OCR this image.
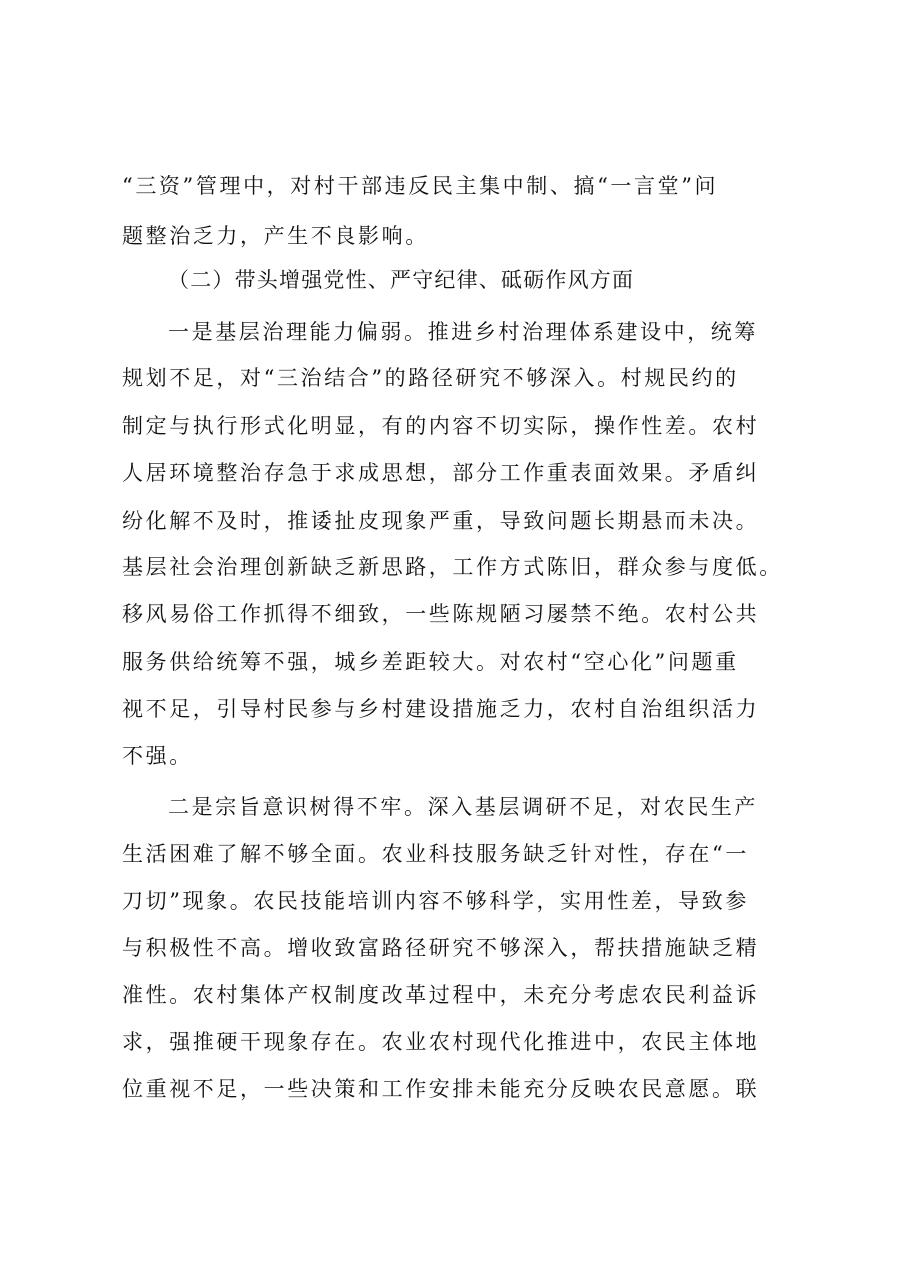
“三资”管理中，对村干部违反民主集中制、搞“一言堂”问
题整治乏力，产生不良影响。
（二）带头增强党性、严守纪律、砥砺作风方面
一是基层治理能力偏弱。推进乡村治理体系建设中，统筹
规划不足，对“三治结合”的路径研究不够深入。村规民约的
制定与执行形式化明显，有的内容不切实际，操作性差。农村
人居环境整治存急于求成思想，部分工作重表面效果。矛盾纠
纷化解不及时，推诿扯皮现象严重，导致问题长期悬而未决。
基层社会治理创新缺乏新思路，工作方式陈旧，群众参与度低。
移风易俗工作抓得不细致，一些陈规陋习屡禁不绝。农村公共
服务供给统筹不强，城乡差距较大。对农村“空心化”问题重
视不足，引导村民参与乡村建设措施乏力，农村自治组织活力
不强。
二是宗旨意识树得不牢。深入基层调研不足，对农民生产
生活困难了解不够全面。农业科技服务缺乏针对性，存在“一
刀切”现象。农民技能培训内容不够科学，实用性差，导致参
与积极性不高。增收致富路径研究不够深入，帮扶措施缺乏精
准性。农村集体产权制度改革过程中，未充分考虑农民利益诉
求，强推硬干现象存在。农业农村现代化推进中，农民主体地
位重视不足，一些决策和工作安排未能充分反映农民意愿。联
